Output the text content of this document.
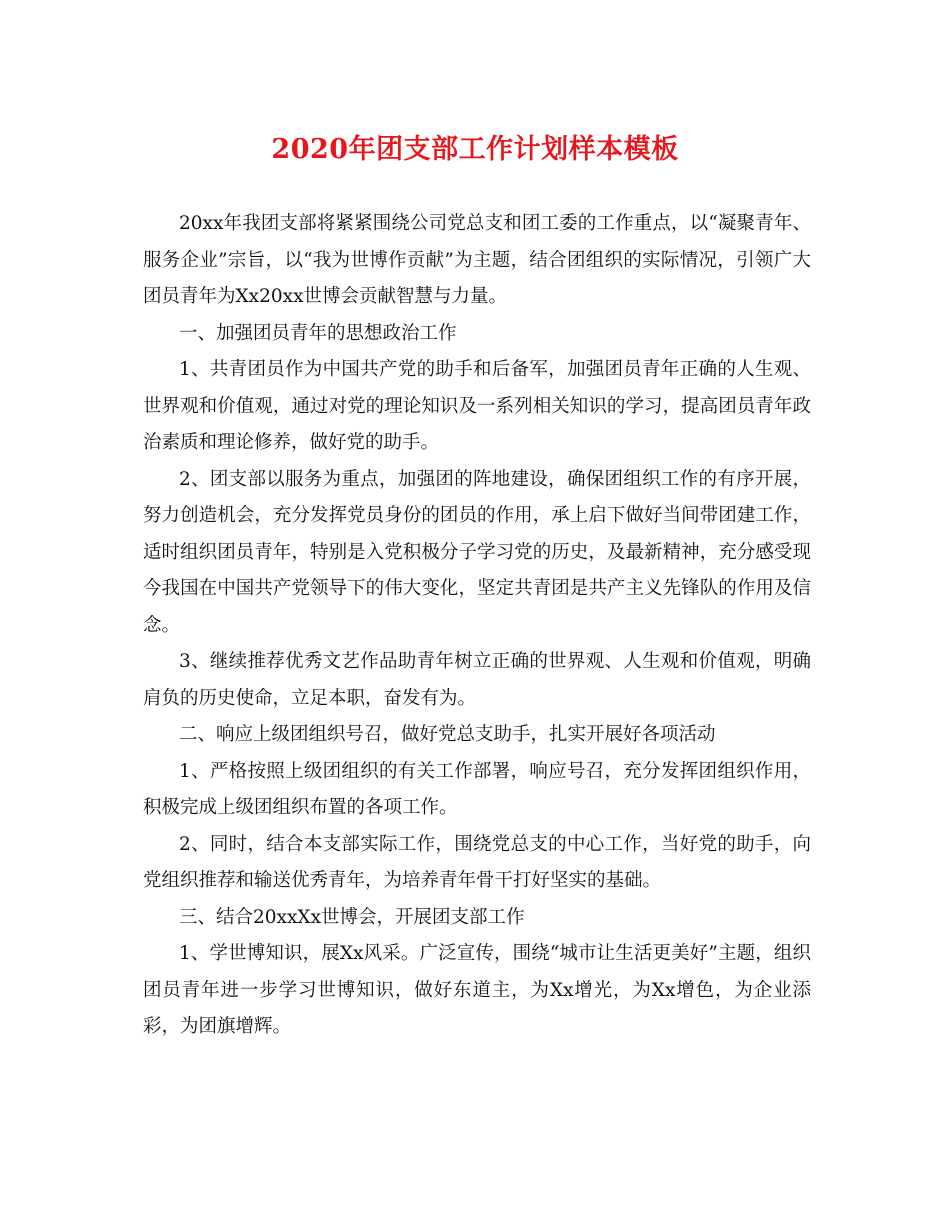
2020年团支部工作计划样本模板

20xx年我团支部将紧紧围绕公司党总支和团工委的工作重点，以“凝聚青年、服务企业”宗旨，以“我为世博作贡献”为主题，结合团组织的实际情况，引领广大团员青年为Xx20xx世博会贡献智慧与力量。

一、加强团员青年的思想政治工作

1、共青团员作为中国共产党的助手和后备军，加强团员青年正确的人生观、世界观和价值观，通过对党的理论知识及一系列相关知识的学习，提高团员青年政治素质和理论修养，做好党的助手。

2、团支部以服务为重点，加强团的阵地建设，确保团组织工作的有序开展，努力创造机会，充分发挥党员身份的团员的作用，承上启下做好当间带团建工作，适时组织团员青年，特别是入党积极分子学习党的历史，及最新精神，充分感受现今我国在中国共产党领导下的伟大变化，坚定共青团是共产主义先锋队的作用及信念。

3、继续推荐优秀文艺作品助青年树立正确的世界观、人生观和价值观，明确肩负的历史使命，立足本职，奋发有为。

二、响应上级团组织号召，做好党总支助手，扎实开展好各项活动

1、严格按照上级团组织的有关工作部署，响应号召，充分发挥团组织作用，积极完成上级团组织布置的各项工作。

2、同时，结合本支部实际工作，围绕党总支的中心工作，当好党的助手，向党组织推荐和输送优秀青年，为培养青年骨干打好坚实的基础。

三、结合20xxXx世博会，开展团支部工作

1、学世博知识，展Xx风采。广泛宣传，围绕“城市让生活更美好”主题，组织团员青年进一步学习世博知识，做好东道主，为Xx增光，为Xx增色，为企业添彩，为团旗增辉。
